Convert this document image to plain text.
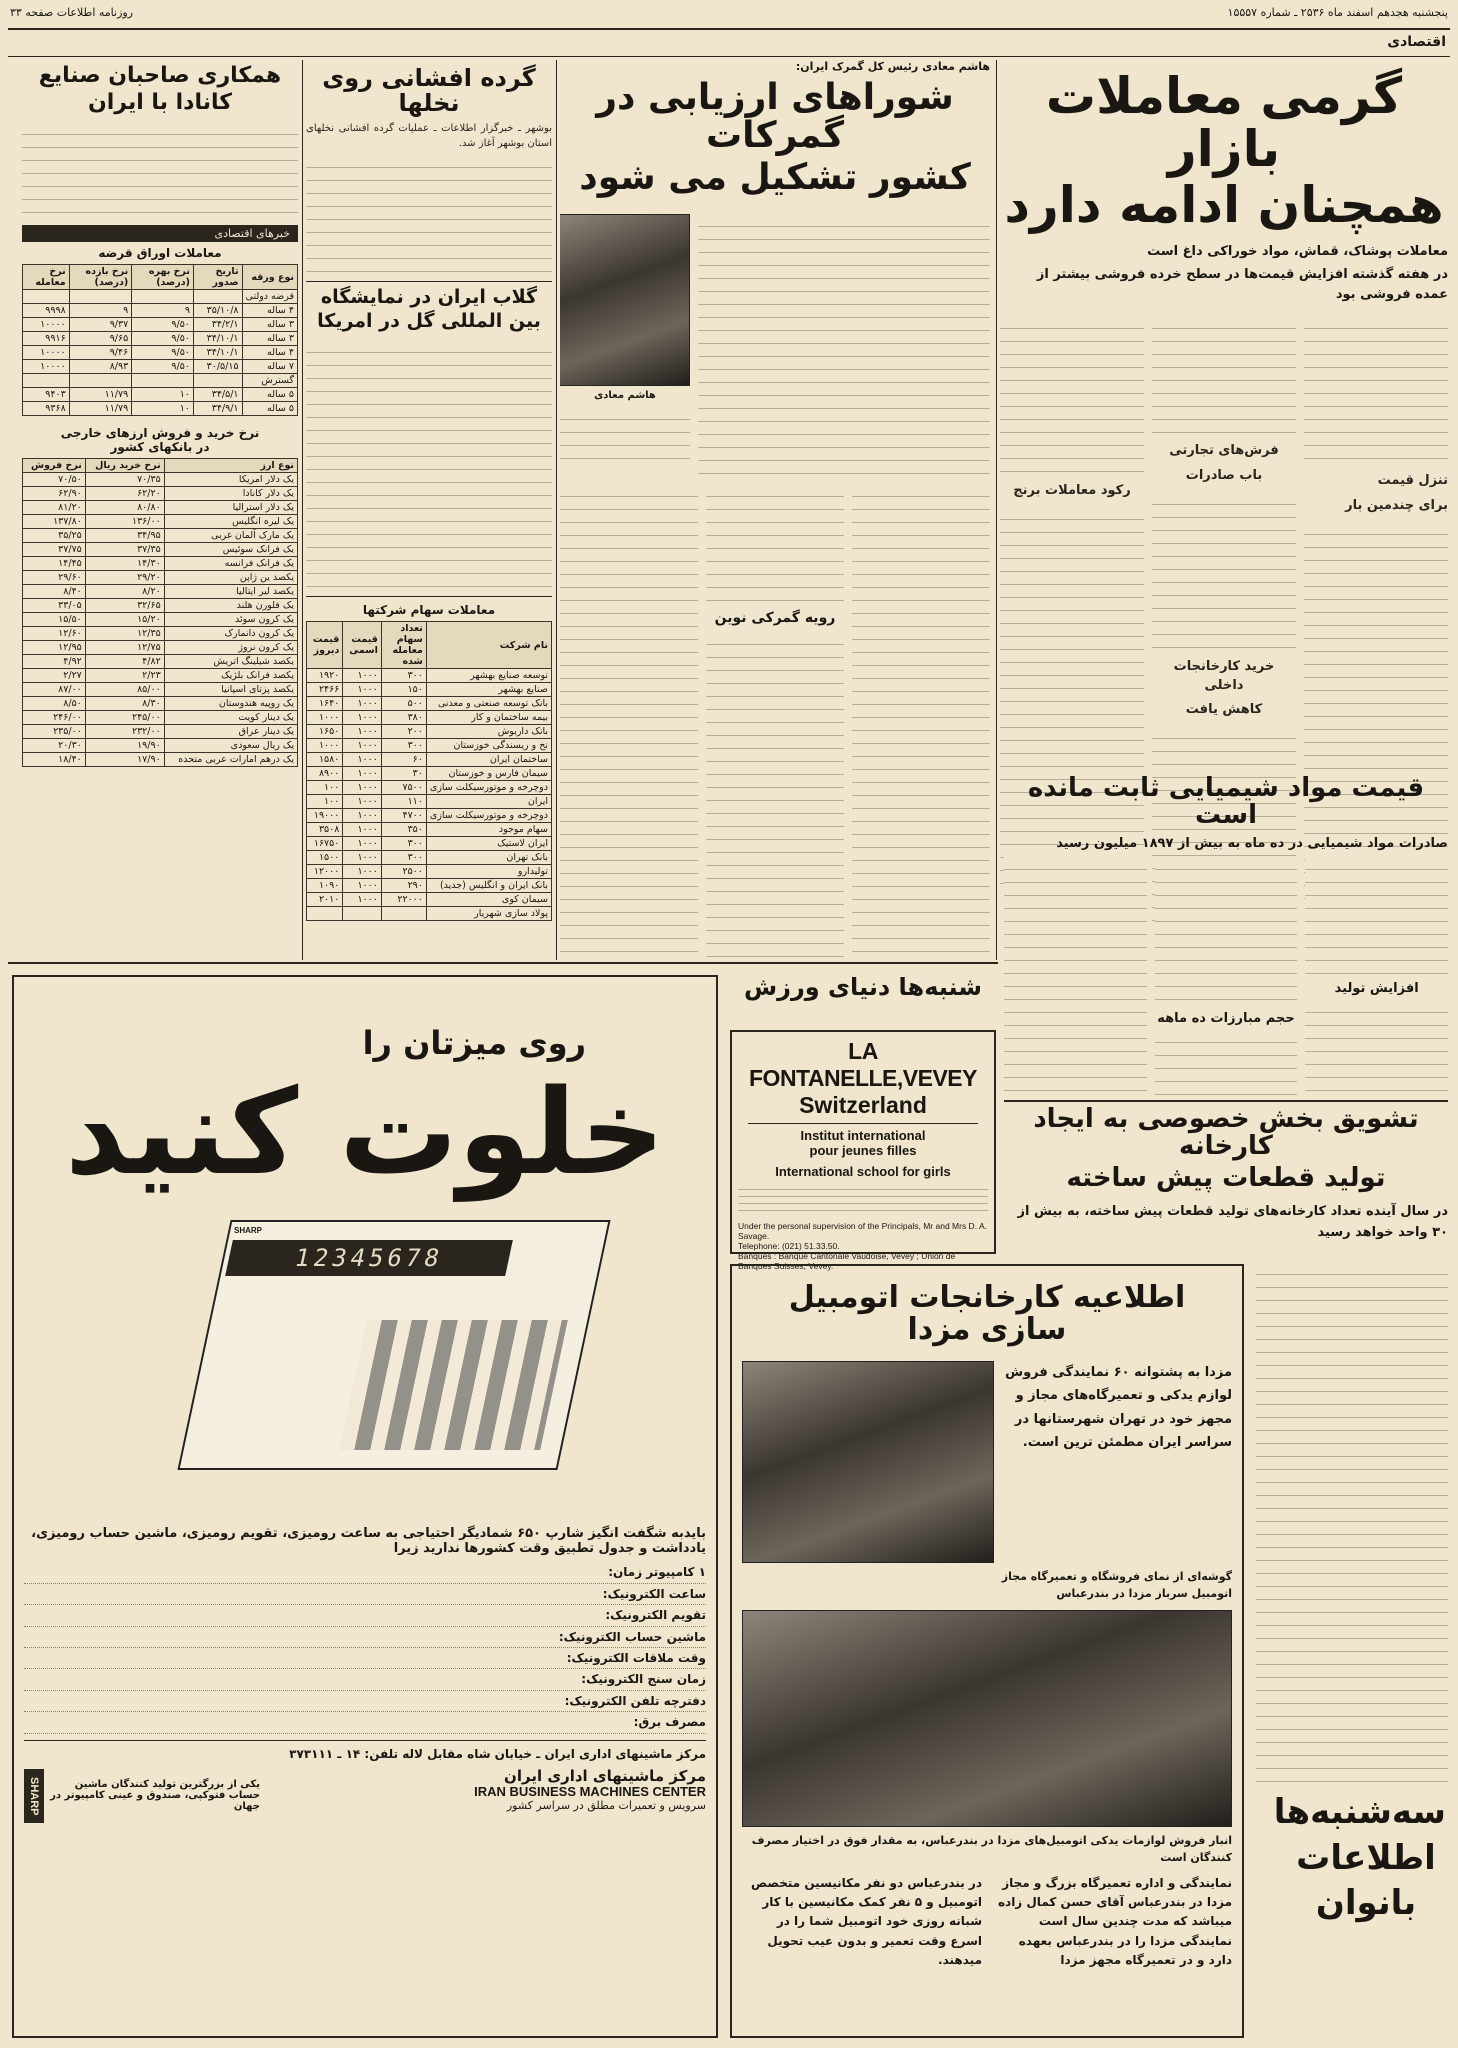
پنجشنبه هجدهم اسفند ماه ۲۵۳۶ ـ شماره ۱۵۵۵۷
روزنامه اطلاعات صفحه ۳۳
اقتصادی
گرمی معاملات بازار
همچنان ادامه دارد
معاملات پوشاک، قماش، مواد خوراکی داغ است
در هفته گذشته افزایش قیمت‌ها در سطح خرده فروشی بیشتر از عمده فروشی بود
تنزل قیمت
برای چندمین بار
فرش‌های تجارتی
باب صادرات
خرید کارخانجات داخلی
کاهش یافت
رکود معاملات برنج
هاشم معادی رئیس کل گمرک ایران:
شوراهای ارزیابی در گمرکات
کشور تشکیل می شود
هاشم معادی
رویه گمرکی نوین
گرده افشانی روی نخلها
بوشهر ـ خبرگزار اطلاعات ـ عملیات گرده افشانی نخلهای استان بوشهر آغاز شد.
گلاب ایران در نمایشگاه
بین المللی گل در امریکا
معاملات سهام شرکتها
نام شرکت	تعداد سهام معامله شده	قیمت اسمی	قیمت دیروز
توسعه صنایع بهشهر	۳۰۰	۱۰۰۰	۱۹۲۰
صنایع بهشهر	۱۵۰	۱۰۰۰	۲۴۶۶
بانک توسعه صنعتی و معدنی	۵۰۰	۱۰۰۰	۱۶۴۰
بیمه ساختمان و کار	۳۸۰	۱۰۰۰	۱۰۰۰
بانک داریوش	۲۰۰	۱۰۰۰	۱۶۵۰
نخ و ریسندگی خوزستان	۳۰۰	۱۰۰۰	۱۰۰۰
ساختمان ایران	۶۰	۱۰۰۰	۱۵۸۰
سیمان فارس و خوزستان	۳۰	۱۰۰۰	۸۹۰۰
دوچرخه و موتورسیکلت سازی	۷۵۰۰	۱۰۰۰	۱۰۰
ایران	۱۱۰	۱۰۰۰	۱۰۰
دوچرخه و موتورسیکلت سازی	۴۷۰۰	۱۰۰۰	۱۹۰۰۰
سهام موجود	۳۵۰	۱۰۰۰	۳۵۰۸
ایران لاستیک	۳۰۰	۱۰۰۰	۱۶۷۵۰
بانک تهران	۳۰۰	۱۰۰۰	۱۵۰۰
تولیدارو	۲۵۰۰	۱۰۰۰	۱۲۰۰۰
بانک ایران و انگلیس (جدید)	۲۹۰	۱۰۰۰	۱۰۹۰
سیمان کوی	۲۲۰۰۰	۱۰۰۰	۲۰۱۰
پولاد سازی شهریار			
همکاری صاحبان صنایع
کانادا با ایران
خبرهای اقتصادی
معاملات اوراق قرضه
نوع ورقه	تاریخ صدور	نرخ بهره (درصد)	نرخ بازده (درصد)	نرخ معامله
قرضه دولتی				
۴ ساله	۳۵/۱۰/۸	۹	۹	۹۹۹۸
۳ ساله	۳۴/۲/۱	۹/۵۰	۹/۳۷	۱۰۰۰۰
۳ ساله	۳۴/۱۰/۱	۹/۵۰	۹/۶۵	۹۹۱۶
۴ ساله	۳۴/۱۰/۱	۹/۵۰	۹/۴۶	۱۰۰۰۰
۷ ساله	۳۰/۵/۱۵	۹/۵۰	۸/۹۳	۱۰۰۰۰
گسترش				
۵ ساله	۳۴/۵/۱	۱۰	۱۱/۷۹	۹۴۰۳
۵ ساله	۳۴/۹/۱	۱۰	۱۱/۷۹	۹۳۶۸
نرخ خرید و فروش ارزهای خارجی
در بانکهای کشور
نوع ارز	نرخ خرید ریال	نرخ فروش
یک دلار امریکا	۷۰/۳۵	۷۰/۵۰
یک دلار کانادا	۶۲/۲۰	۶۲/۹۰
یک دلار استرالیا	۸۰/۸۰	۸۱/۲۰
یک لیره انگلیس	۱۳۶/۰۰	۱۳۷/۸۰
یک مارک آلمان غربی	۳۴/۹۵	۳۵/۲۵
یک فرانک سوئیس	۳۷/۳۵	۳۷/۷۵
یک فرانک فرانسه	۱۴/۳۰	۱۴/۴۵
یکصد ین ژاپن	۲۹/۲۰	۲۹/۶۰
یکصد لیر ایتالیا	۸/۲۰	۸/۴۰
یک فلورن هلند	۳۲/۶۵	۳۳/۰۵
یک کرون سوئد	۱۵/۲۰	۱۵/۵۰
یک کرون دانمارک	۱۲/۳۵	۱۲/۶۰
یک کرون نروژ	۱۲/۷۵	۱۲/۹۵
یکصد شیلینگ اتریش	۴/۸۲	۴/۹۲
یکصد فرانک بلژیک	۲/۲۳	۲/۲۷
یکصد پزتای اسپانیا	۸۵/۰۰	۸۷/۰۰
یک روپیه هندوستان	۸/۳۰	۸/۵۰
یک دینار کویت	۲۴۵/۰۰	۲۴۶/۰۰
یک دینار عراق	۲۳۲/۰۰	۲۳۵/۰۰
یک ریال سعودی	۱۹/۹۰	۲۰/۳۰
یک درهم امارات عربی متحده	۱۷/۹۰	۱۸/۴۰
قیمت مواد شیمیایی ثابت مانده است
صادرات مواد شیمیایی در ده ماه به بیش از ۱۸۹۷ میلیون رسید
افزایش تولید
حجم مبارزات ده ماهه
تشویق بخش خصوصی به ایجاد کارخانه
تولید قطعات پیش ساخته
در سال آینده تعداد کارخانه‌های تولید قطعات پیش ساخته، به بیش از ۳۰ واحد خواهد رسید
سه‌شنبه‌ها
اطلاعات
بانوان
شنبه‌ها دنیای ورزش
LA FONTANELLE,VEVEY
Switzerland
Institut international
pour jeunes filles
International school for girls
Under the personal supervision of the Principals, Mr and Mrs D. A. Savage.
Telephone: (021) 51.33.50.
Banques : Banque Cantonale Vaudoise, Vevey ; Union de Banques Suisses, Vevey.
اطلاعیه کارخانجات اتومبیل سازی مزدا
مزدا به پشتوانه ۶۰ نمایندگی فروش لوازم یدکی و تعمیرگاه‌های مجاز و مجهز خود در تهران شهرستانها در سراسر ایران مطمئن ترین است.
گوشه‌ای از نمای فروشگاه و تعمیرگاه مجاز اتومبیل سرباز مزدا در بندرعباس
انبار فروش لوازمات یدکی اتومبیل‌های مزدا در بندرعباس، به مقدار فوق در اختیار مصرف کنندگان است
نمایندگی و اداره تعمیرگاه بزرگ و مجاز مزدا در بندرعباس آقای حسن کمال زاده میباشد که مدت چندین سال است نمایندگی مزدا را در بندرعباس بعهده دارد و در تعمیرگاه مجهز مزدا
در بندرعباس دو نفر مکانیسین متخصص اتومبیل و ۵ نفر کمک مکانیسین با کار شبانه روزی خود اتومبیل شما را در اسرع وقت تعمیر و بدون عیب تحویل میدهند.
روی میزتان را
خلوت کنید
12345678
SHARP
بایدبه شگفت انگیز شارپ ۶۵۰ شمادیگر احتیاجی به ساعت رومیزی، تقویم رومیزی، ماشین حساب رومیزی،
یادداشت و جدول تطبیق وقت کشورها ندارید زیرا
۱ کامپیوتر زمان:
ساعت الکترونیک:
تقویم الکترونیک:
ماشین حساب الکترونیک:
وقت ملاقات الکترونیک:
زمان سنج الکترونیک:
دفترچه تلفن الکترونیک:
مصرف برق:
مرکز ماشینهای اداری ایران ـ خیابان شاه مقابل لاله تلفن: ۱۴ ـ ۳۷۳۱۱۱
مرکز ماشینهای اداری ایران
IRAN BUSINESS MACHINES CENTER
سرویس و تعمیرات مطلق در سراسر کشور
یکی از بزرگترین تولید کنندگان ماشین حساب فتوکپی، صندوق و عینی کامپیوتر در جهان
SHARP
